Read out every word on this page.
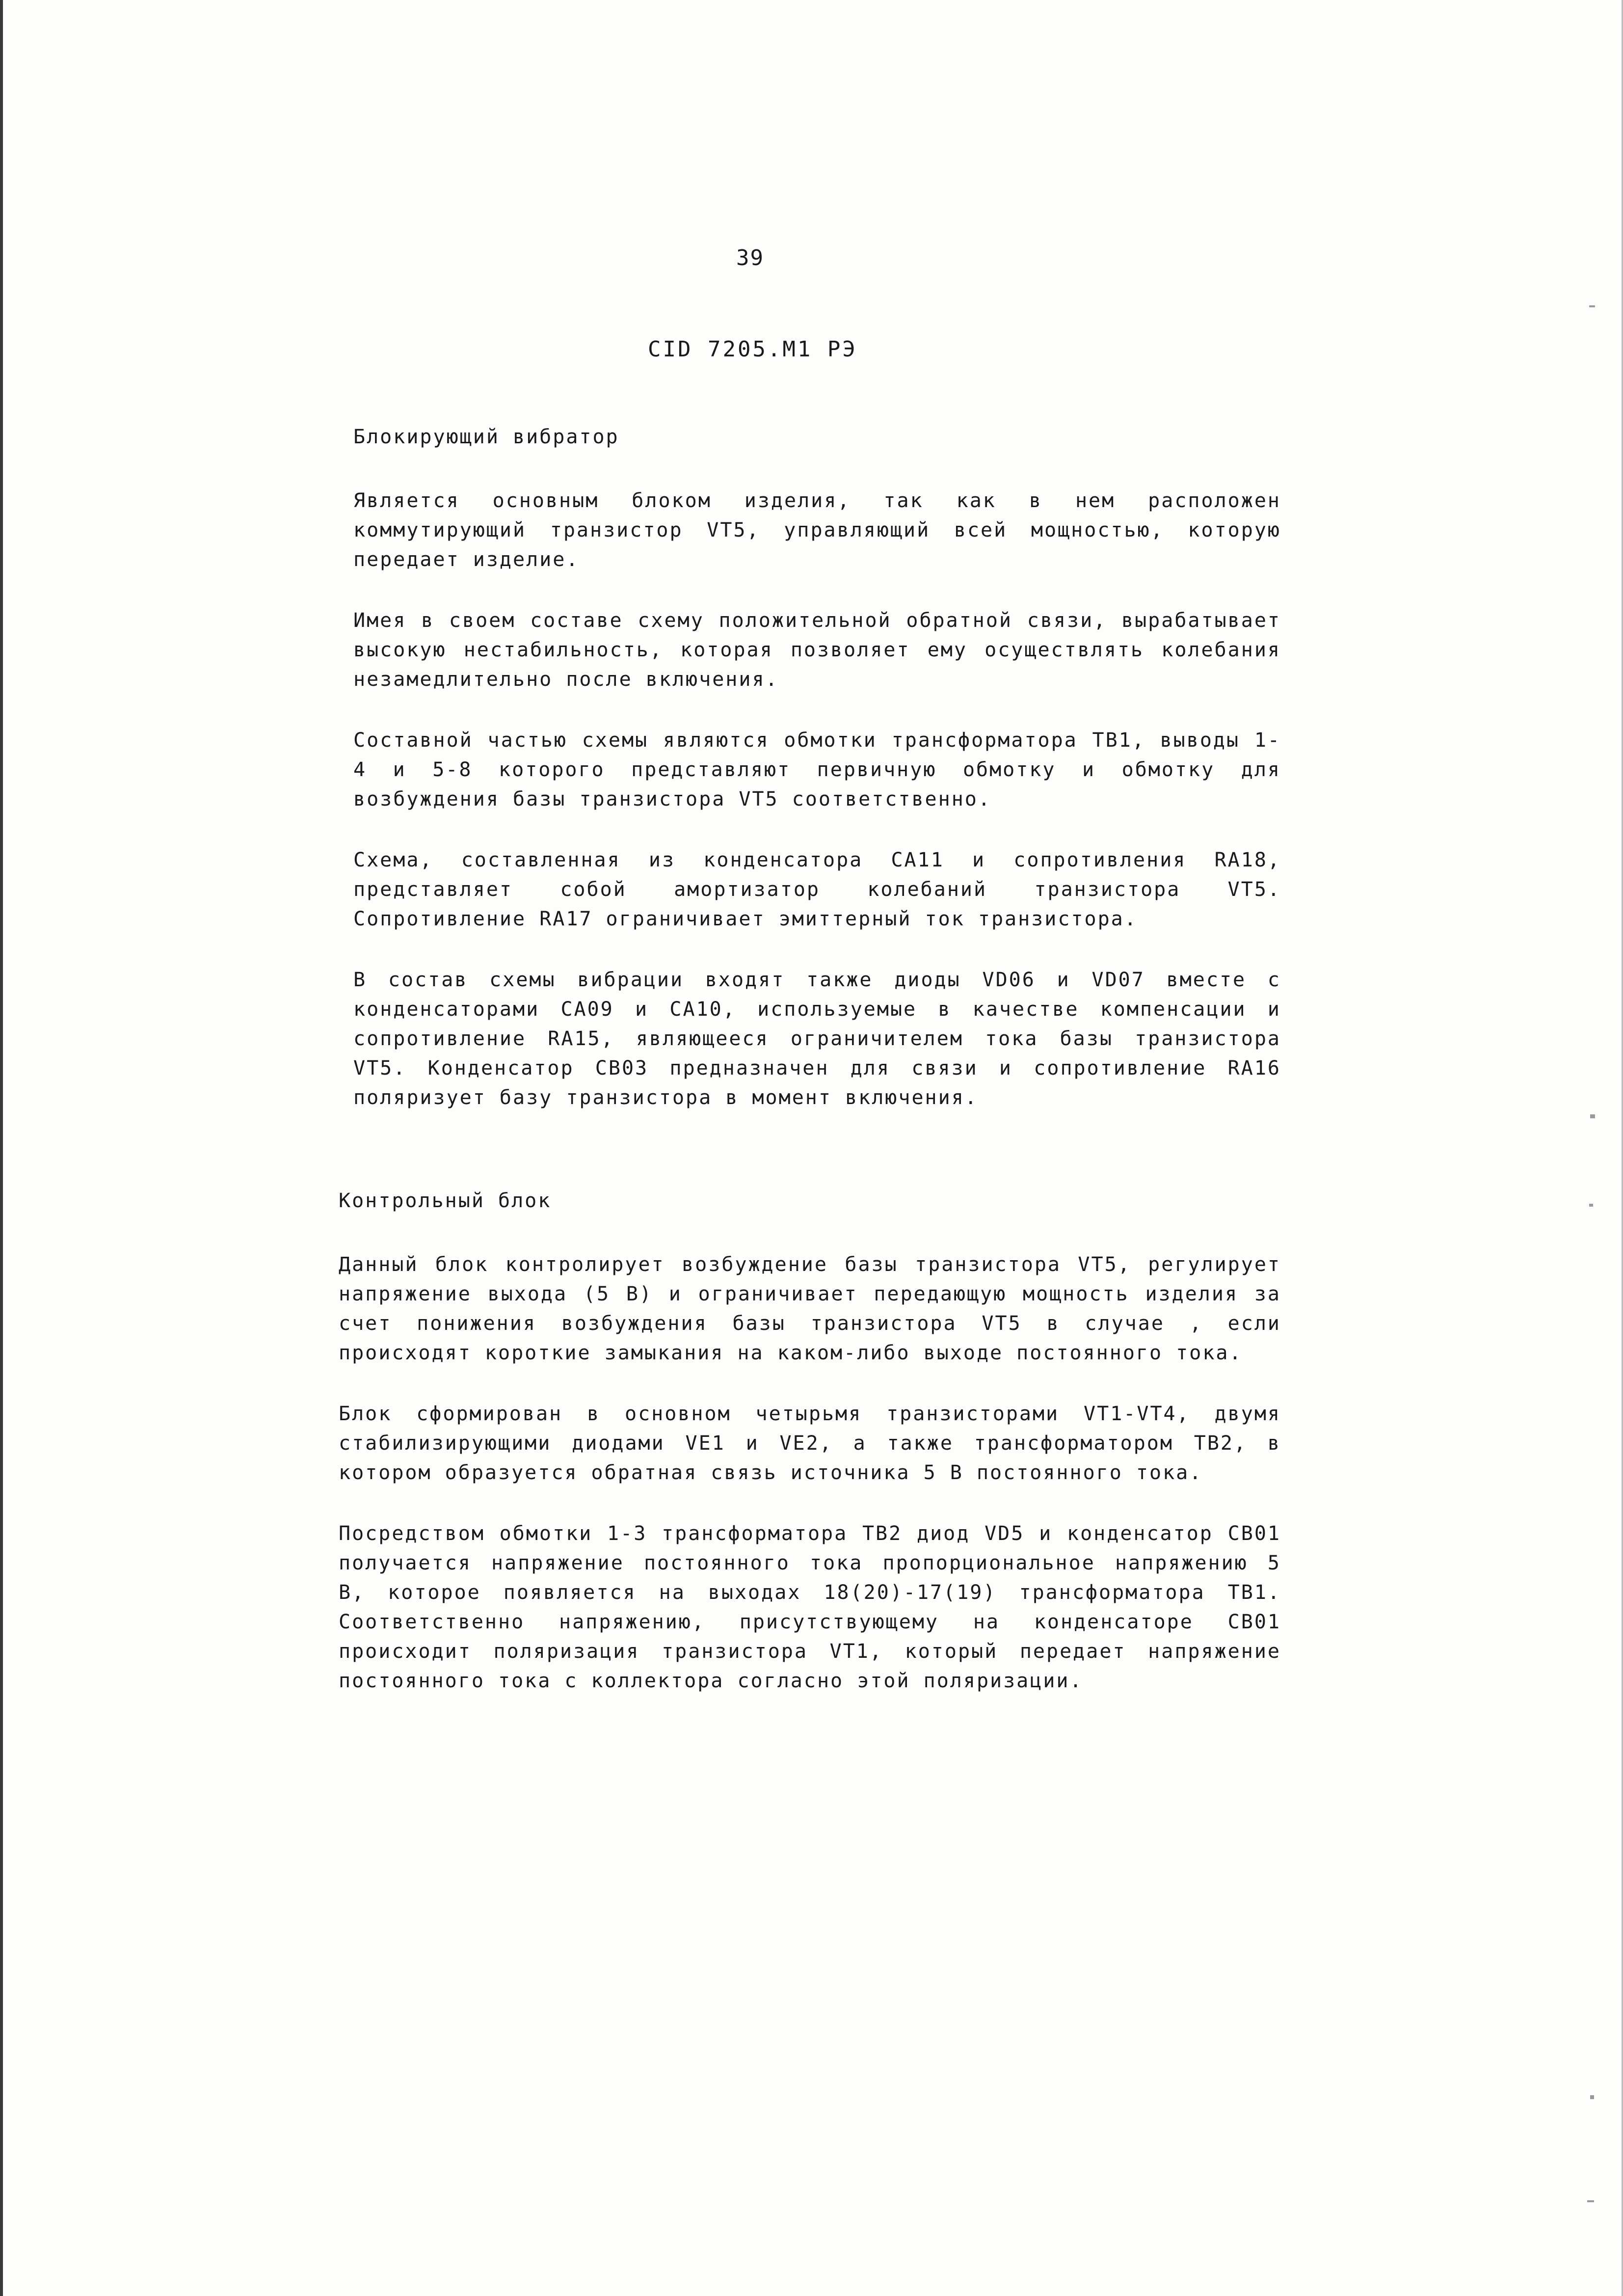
39
CID 7205.M1 РЭ
Блокирующий вибратор

Является основным блоком изделия, так как в нем расположен коммутирующий транзистор VT5, управляющий всей мощностью, которую передает изделие.

Имея в своем составе схему положительной обратной связи, вырабатывает высокую нестабильность, которая позволяет ему осуществлять колебания незамедлительно после включения.

Составной частью схемы являются обмотки трансформатора TB1, выводы 1-4 и 5-8 которого представляют первичную обмотку и обмотку для возбуждения базы транзистора VT5 соответственно.

Схема, составленная из конденсатора CA11 и сопротивления RA18, представляет собой амортизатор колебаний транзистора VT5. Сопротивление RA17 ограничивает эмиттерный ток транзистора.

В состав схемы вибрации входят также диоды VD06 и VD07 вместе с конденсаторами CA09 и CA10, используемые в качестве компенсации и сопротивление RA15, являющееся ограничителем тока базы транзистора VT5. Конденсатор CB03 предназначен для связи и сопротивление RA16 поляризует базу транзистора в момент включения.

Контрольный блок

Данный блок контролирует возбуждение базы транзистора VT5, регулирует напряжение выхода (5 В) и ограничивает передающую мощность изделия за счет понижения возбуждения базы транзистора VT5 в случае , если происходят короткие замыкания на каком-либо выходе постоянного тока.

Блок сформирован в основном четырьмя транзисторами VT1-VT4, двумя стабилизирующими диодами VE1 и VE2, а также трансформатором TB2, в котором образуется обратная связь источника 5 В постоянного тока.

Посредством обмотки 1-3 трансформатора TB2 диод VD5 и конденсатор CB01 получается напряжение постоянного тока пропорциональное напряжению 5 В, которое появляется на выходах 18(20)-17(19) трансформатора TB1. Соответственно напряжению, присутствующему на конденсаторе CB01 происходит поляризация транзистора VT1, который передает напряжение постоянного тока с коллектора согласно этой поляризации.
